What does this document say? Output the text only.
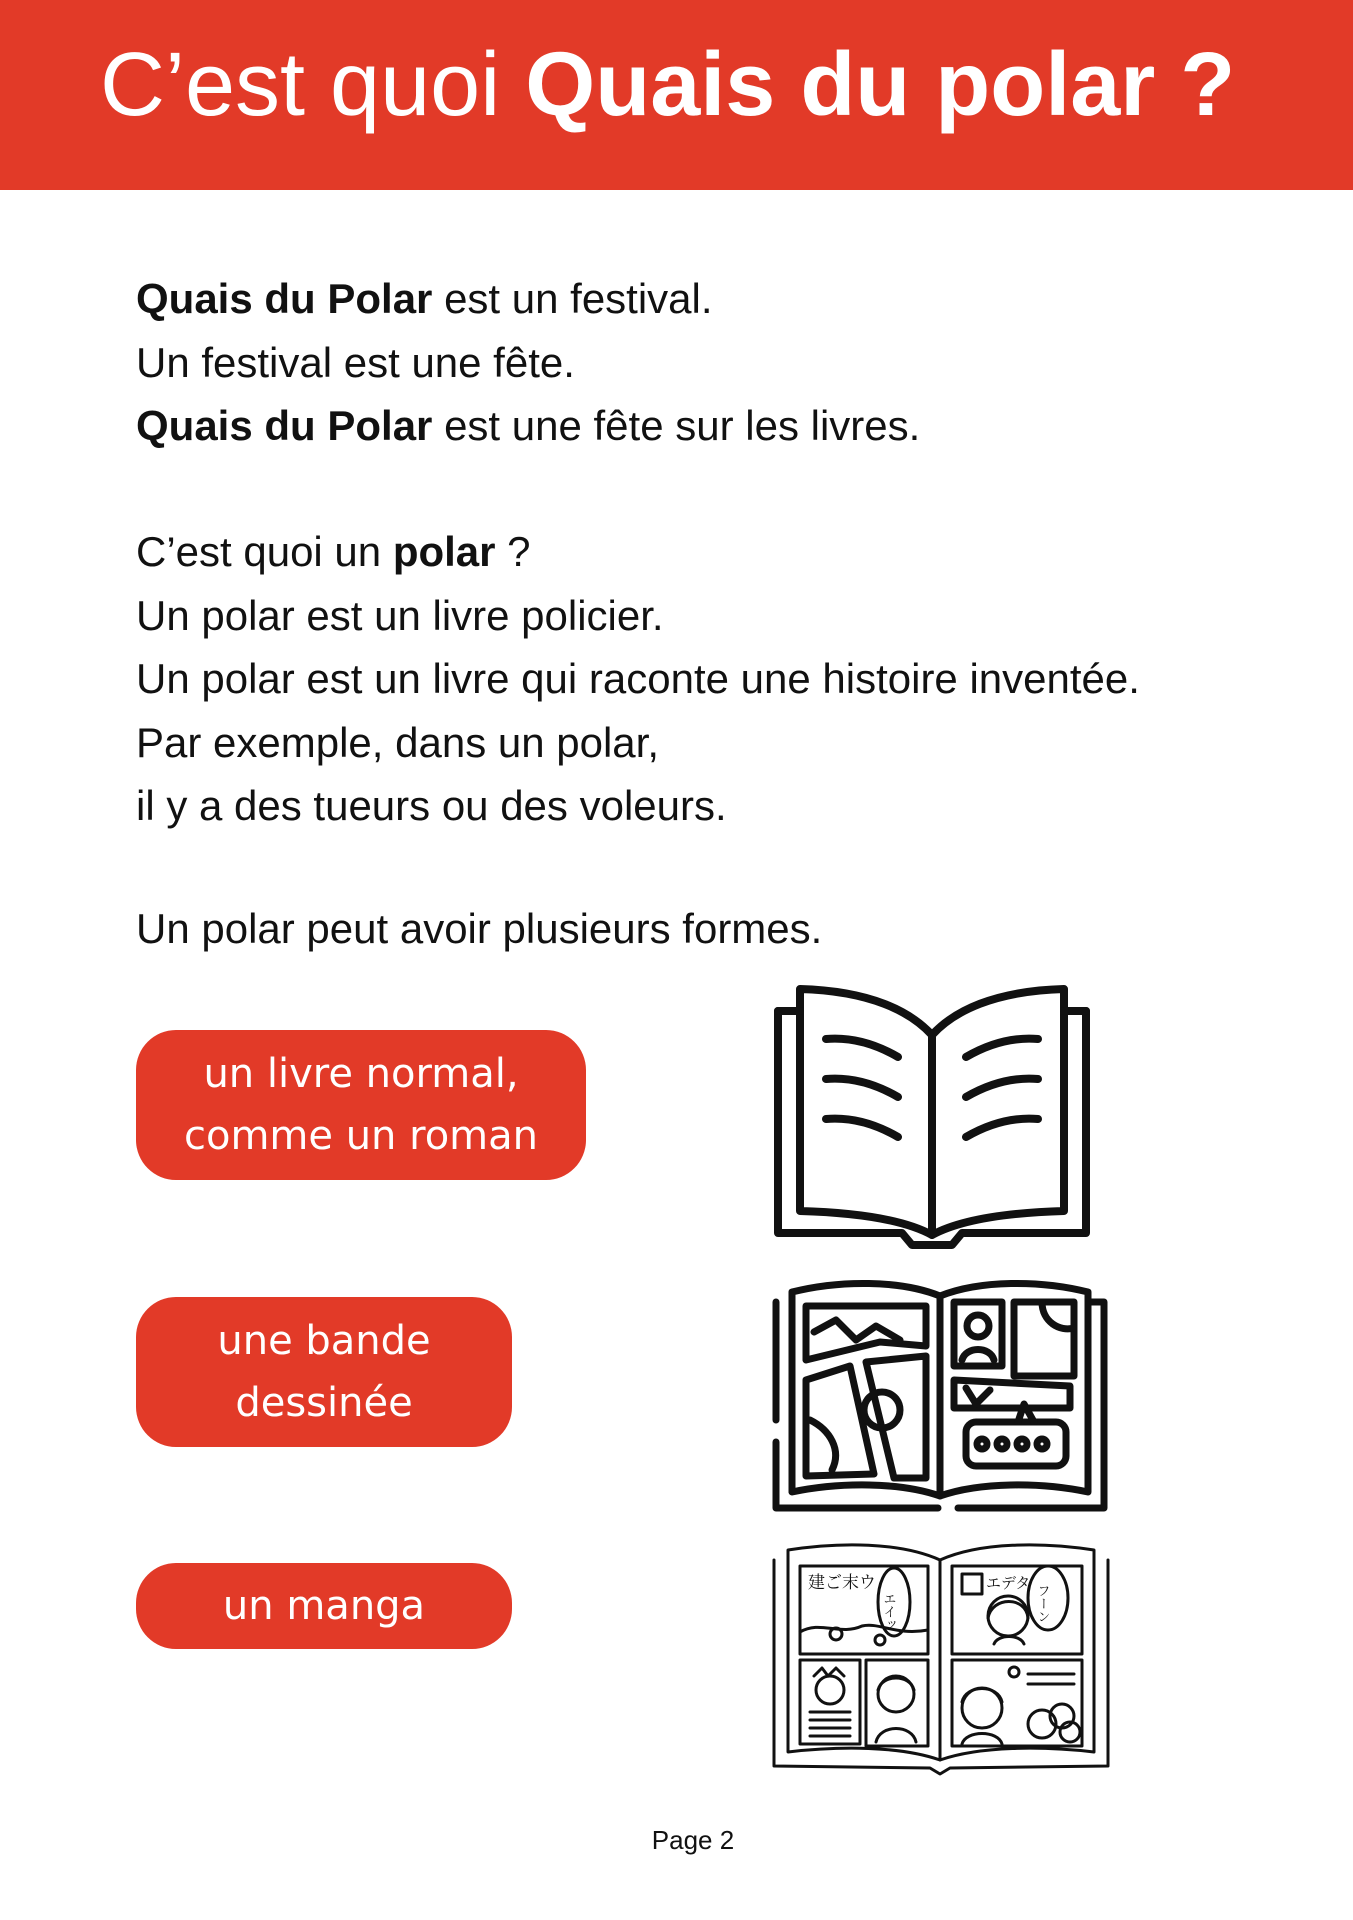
C’est quoi Quais du polar ?
Quais du Polar est un festival.
Un festival est une fête.
Quais du Polar est une fête sur les livres.
C’est quoi un polar ?
Un polar est un livre policier.
Un polar est un livre qui raconte une histoire inventée.
Par exemple, dans un polar,
il y a des tueurs ou des voleurs.
Un polar peut avoir plusieurs formes.
un livre normal,
comme un roman
une bande
dessinée
un manga	建ご末ウ
エイッ
エデタ
フーン
Page 2
